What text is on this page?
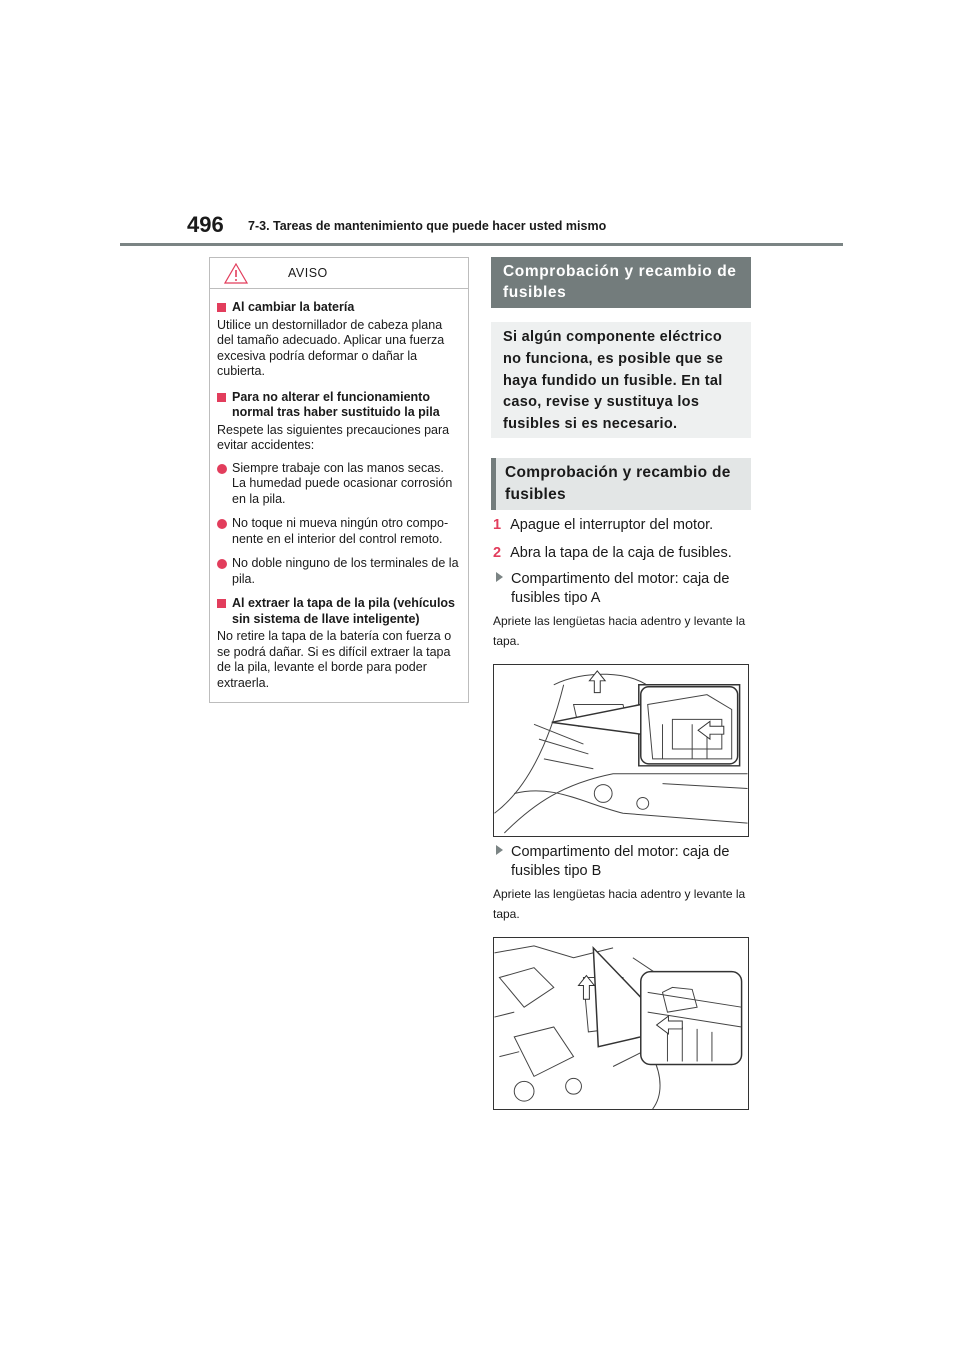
496 7-3. Tareas de mantenimiento que puede hacer usted mismo
AVISO
Al cambiar la batería
Utilice un destornillador de cabeza plana del tamaño adecuado. Aplicar una fuerza excesiva podría deformar o dañar la cubierta.
Para no alterar el funcionamiento normal tras haber sustituido la pila
Respete las siguientes precauciones para evitar accidentes:
Siempre trabaje con las manos secas. La humedad puede ocasionar corrosión en la pila.
No toque ni mueva ningún otro componente en el interior del control remoto.
No doble ninguno de los terminales de la pila.
Al extraer la tapa de la pila (vehículos sin sistema de llave inteligente)
No retire la tapa de la batería con fuerza o se podrá dañar. Si es difícil extraer la tapa de la pila, levante el borde para poder extraerla.
Comprobación y recambio de fusibles
Si algún componente eléctrico no funciona, es posible que se haya fundido un fusible. En tal caso, revise y sustituya los fusibles si es necesario.
Comprobación y recambio de fusibles
1 Apague el interruptor del motor.
2 Abra la tapa de la caja de fusibles.
Compartimento del motor: caja de fusibles tipo A
Apriete las lengüetas hacia adentro y levante la tapa.
Compartimento del motor: caja de fusibles tipo B
Apriete las lengüetas hacia adentro y levante la tapa.
